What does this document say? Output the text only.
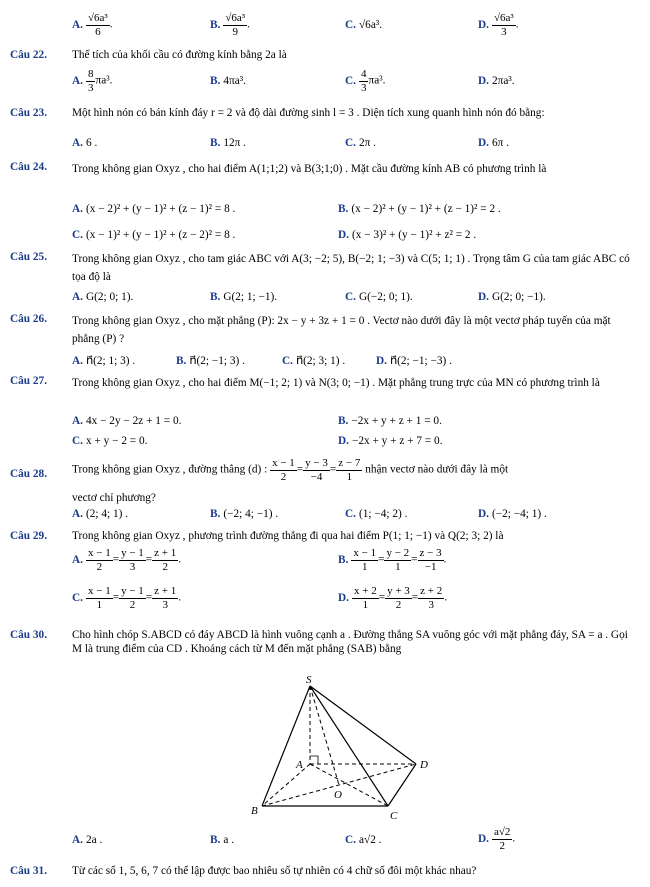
A. $\frac{\text{√6a³}}{6}$ .	B. $\frac{\text{√6a³}}{9}$ .	C. √6a³.	D. $\frac{\text{√6a³}}{3}$ .
Câu 22. Thể tích của khối cầu có đường kính bằng 2a là
A. $\frac{8}{3} \pi a^3$.	B. 4πa³.	C. $\frac{4}{3} \pi a^3$.	D. 2πa³.
Câu 23. Một hình nón có bán kính đáy r = 2 và độ dài đường sinh l = 3 . Diện tích xung quanh hình nón đó bằng:
A. 6 .	B. 12π .	C. 2π .	D. 6π .
Câu 24. Trong không gian Oxyz , cho hai điểm A(1;1;2) và B(3;1;0) . Mặt cầu đường kính AB có phương trình là
A. (x − 2)² + (y − 1)² + (z − 1)² = 8 .	B. (x − 2)² + (y − 1)² + (z − 1)² = 2 .
C. (x − 1)² + (y − 1)² + (z − 2)² = 8 .	D. (x − 3)² + (y − 1)² + z² = 2 .
Câu 25. Trong không gian Oxyz , cho tam giác ABC với A(3; −2; 5), B(−2; 1; −3) và C(5; 1; 1) . Trọng tâm G của tam giác ABC có tọa độ là
A. G(2; 0; 1).	B. G(2; 1; −1).	C. G(−2; 0; 1).	D. G(2; 0; −1).
Câu 26. Trong không gian Oxyz , cho mặt phẳng (P): 2x − y + 3z + 1 = 0 . Vectơ nào dưới đây là một vectơ pháp tuyến của mặt phẳng (P) ?
A. n⃗(2; 1; 3) .	B. n⃗(2; −1; 3) .	C. n⃗(2; 3; 1) .	D. n⃗(2; −1; −3) .
Câu 27. Trong không gian Oxyz , cho hai điểm M(−1; 2; 1) và N(3; 0; −1) . Mặt phẳng trung trực của MN có phương trình là
A. 4x − 2y − 2z + 1 = 0.	B. −2x + y + z + 1 = 0.
C. x + y − 2 = 0.	D. −2x + y + z + 7 = 0.
Câu 28. Trong không gian Oxyz , đường thẳng (d) : $\frac{x - 1}{2} = \frac{y - 3}{-4} = \frac{z - 7}{1}$ nhận vectơ nào dưới đây là một
vectơ chỉ phương?
A. (2; 4; 1) .	B. (−2; 4; −1) .	C. (1; −4; 2) .	D. (−2; −4; 1) .
Câu 29. Trong không gian Oxyz , phương trình đường thẳng đi qua hai điểm P(1; 1; −1) và Q(2; 3; 2) là
A. $\frac{x - 1}{2} = \frac{y - 1}{3} = \frac{z + 1}{2}$ .	B. $\frac{x - 1}{1} = \frac{y - 2}{1} = \frac{z - 3}{-1}$ .
C. $\frac{x - 1}{1} = \frac{y - 1}{2} = \frac{z + 1}{3}$ .	D. $\frac{x + 2}{1} = \frac{y + 3}{2} = \frac{z + 2}{3}$ .
Câu 30. Cho hình chóp S.ABCD có đáy ABCD là hình vuông cạnh a . Đường thẳng SA vuông góc với mặt phẳng đáy, SA = a . Gọi M là trung điểm của CD . Khoảng cách từ M đến mặt phẳng (SAB) bằng
A. 2a .	B. a .	C. a√2 .	D. $\frac{a√2}{2}$ .
S
A
B	C
D
O
Câu 31. Từ các số 1, 5, 6, 7 có thể lập được bao nhiêu số tự nhiên có 4 chữ số đôi một khác nhau?
